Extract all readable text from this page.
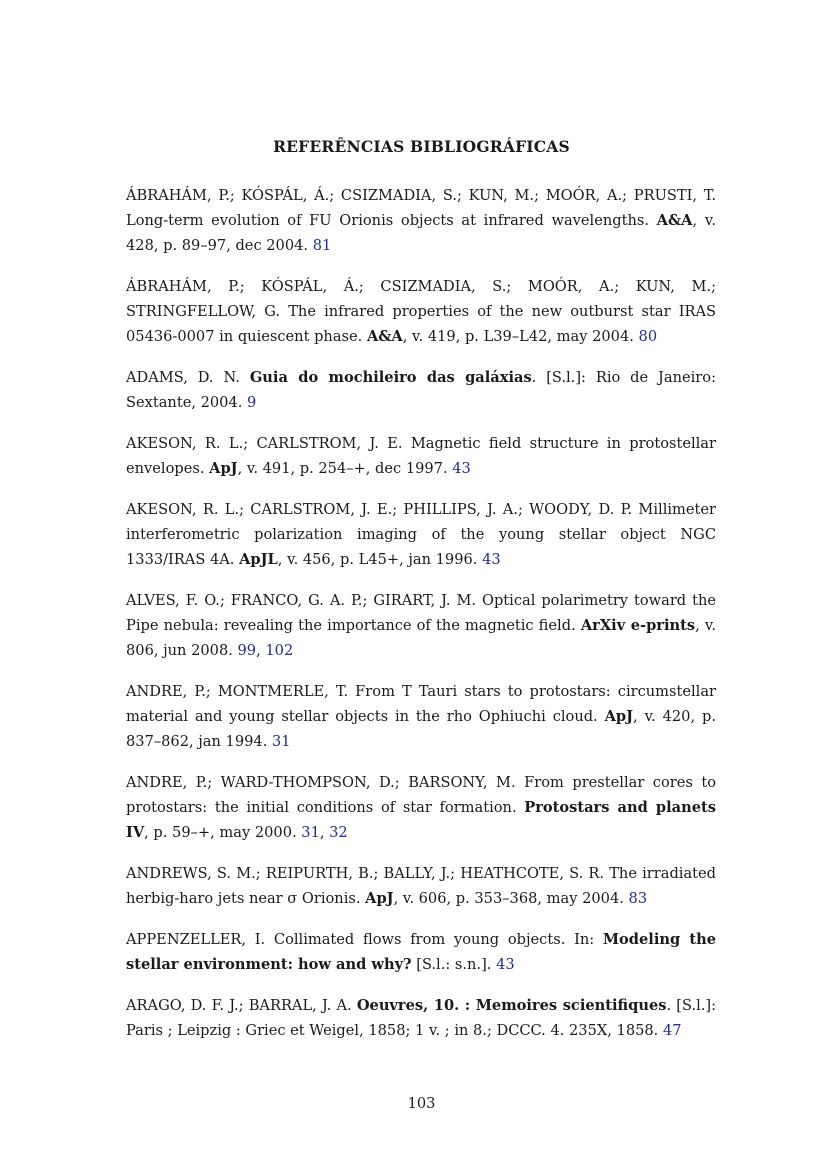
REFERÊNCIAS BIBLIOGRÁFICAS

ÁBRAHÁM, P.; KÓSPÁL, Á.; CSIZMADIA, S.; KUN, M.; MOÓR, A.; PRUSTI, T. Long-term evolution of FU Orionis objects at infrared wavelengths. A&A, v. 428, p. 89–97, dec 2004. 81

ÁBRAHÁM, P.; KÓSPÁL, Á.; CSIZMADIA, S.; MOÓR, A.; KUN, M.; STRINGFELLOW, G. The infrared properties of the new outburst star IRAS 05436-0007 in quiescent phase. A&A, v. 419, p. L39–L42, may 2004. 80

ADAMS, D. N. Guia do mochileiro das galáxias. [S.l.]: Rio de Janeiro: Sextante, 2004. 9

AKESON, R. L.; CARLSTROM, J. E. Magnetic field structure in protostellar envelopes. ApJ, v. 491, p. 254–+, dec 1997. 43

AKESON, R. L.; CARLSTROM, J. E.; PHILLIPS, J. A.; WOODY, D. P. Millimeter interferometric polarization imaging of the young stellar object NGC 1333/IRAS 4A. ApJL, v. 456, p. L45+, jan 1996. 43

ALVES, F. O.; FRANCO, G. A. P.; GIRART, J. M. Optical polarimetry toward the Pipe nebula: revealing the importance of the magnetic field. ArXiv e-prints, v. 806, jun 2008. 99, 102

ANDRE, P.; MONTMERLE, T. From T Tauri stars to protostars: circumstellar material and young stellar objects in the rho Ophiuchi cloud. ApJ, v. 420, p. 837–862, jan 1994. 31

ANDRE, P.; WARD-THOMPSON, D.; BARSONY, M. From prestellar cores to protostars: the initial conditions of star formation. Protostars and planets IV, p. 59–+, may 2000. 31, 32

ANDREWS, S. M.; REIPURTH, B.; BALLY, J.; HEATHCOTE, S. R. The irradiated herbig-haro jets near σ Orionis. ApJ, v. 606, p. 353–368, may 2004. 83

APPENZELLER, I. Collimated flows from young objects. In: Modeling the stellar environment: how and why? [S.l.: s.n.]. 43

ARAGO, D. F. J.; BARRAL, J. A. Oeuvres, 10. : Memoires scientifiques. [S.l.]: Paris ; Leipzig : Griec et Weigel, 1858; 1 v. ; in 8.; DCCC. 4. 235X, 1858. 47

103
